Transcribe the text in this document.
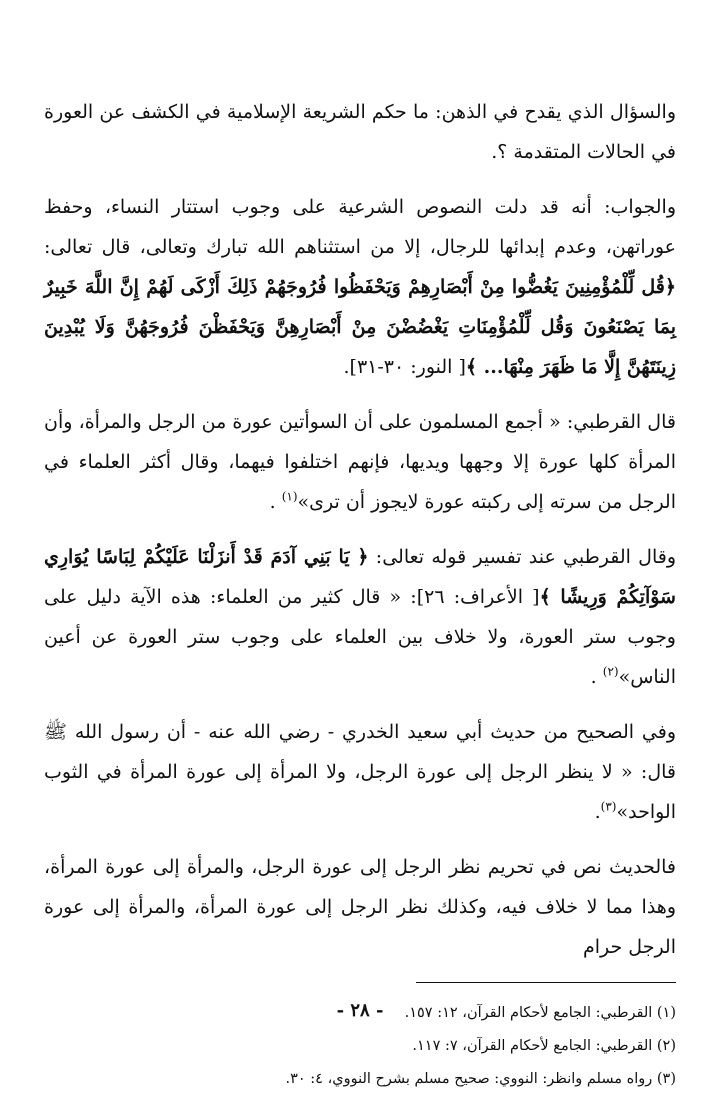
والسؤال الذي يقدح في الذهن: ما حكم الشريعة الإسلامية في الكشف عن العورة في الحالات المتقدمة ؟.

والجواب: أنه قد دلت النصوص الشرعية على وجوب استتار النساء، وحفظ عوراتهن، وعدم إبدائها للرجال، إلا من استثناهم الله تبارك وتعالى، قال تعالى: ﴿قُل لِّلْمُؤْمِنِينَ يَغُضُّوا مِنْ أَبْصَارِهِمْ وَيَحْفَظُوا فُرُوجَهُمْ ذَلِكَ أَزْكَى لَهُمْ إِنَّ اللَّهَ خَبِيرٌ بِمَا يَصْنَعُونَ وَقُل لِّلْمُؤْمِنَاتِ يَغْضُضْنَ مِنْ أَبْصَارِهِنَّ وَيَحْفَظْنَ فُرُوجَهُنَّ وَلَا يُبْدِينَ زِينَتَهُنَّ إِلَّا مَا ظَهَرَ مِنْهَا... ﴾[ النور: ٣٠-٣١].

قال القرطبي: « أجمع المسلمون على أن السوأتين عورة من الرجل والمرأة، وأن المرأة كلها عورة إلا وجهها ويديها، فإنهم اختلفوا فيهما، وقال أكثر العلماء في الرجل من سرته إلى ركبته عورة لايجوز أن ترى»$^{(١)}$ .

وقال القرطبي عند تفسير قوله تعالى: ﴿ يَا بَنِي آدَمَ قَدْ أَنزَلْنَا عَلَيْكُمْ لِبَاسًا يُوَارِي سَوْآتِكُمْ وَرِيشًا ﴾[ الأعراف: ٢٦]: « قال كثير من العلماء: هذه الآية دليل على وجوب ستر العورة، ولا خلاف بين العلماء على وجوب ستر العورة عن أعين الناس»$^{(٢)}$ .

وفي الصحيح من حديث أبي سعيد الخدري - رضي الله عنه - أن رسول الله ﷺ قال: « لا ينظر الرجل إلى عورة الرجل، ولا المرأة إلى عورة المرأة في الثوب الواحد»$^{(٣)}$.

فالحديث نص في تحريم نظر الرجل إلى عورة الرجل، والمرأة إلى عورة المرأة، وهذا مما لا خلاف فيه، وكذلك نظر الرجل إلى عورة المرأة، والمرأة إلى عورة الرجل حرام

(١) القرطبي: الجامع لأحكام القرآن، ١٢: ١٥٧.

(٢) القرطبي: الجامع لأحكام القرآن، ٧: ١١٧.

(٣) رواه مسلم وانظر: النووي: صحيح مسلم بشرح النووي، ٤: ٣٠.

- ٢٨ -
